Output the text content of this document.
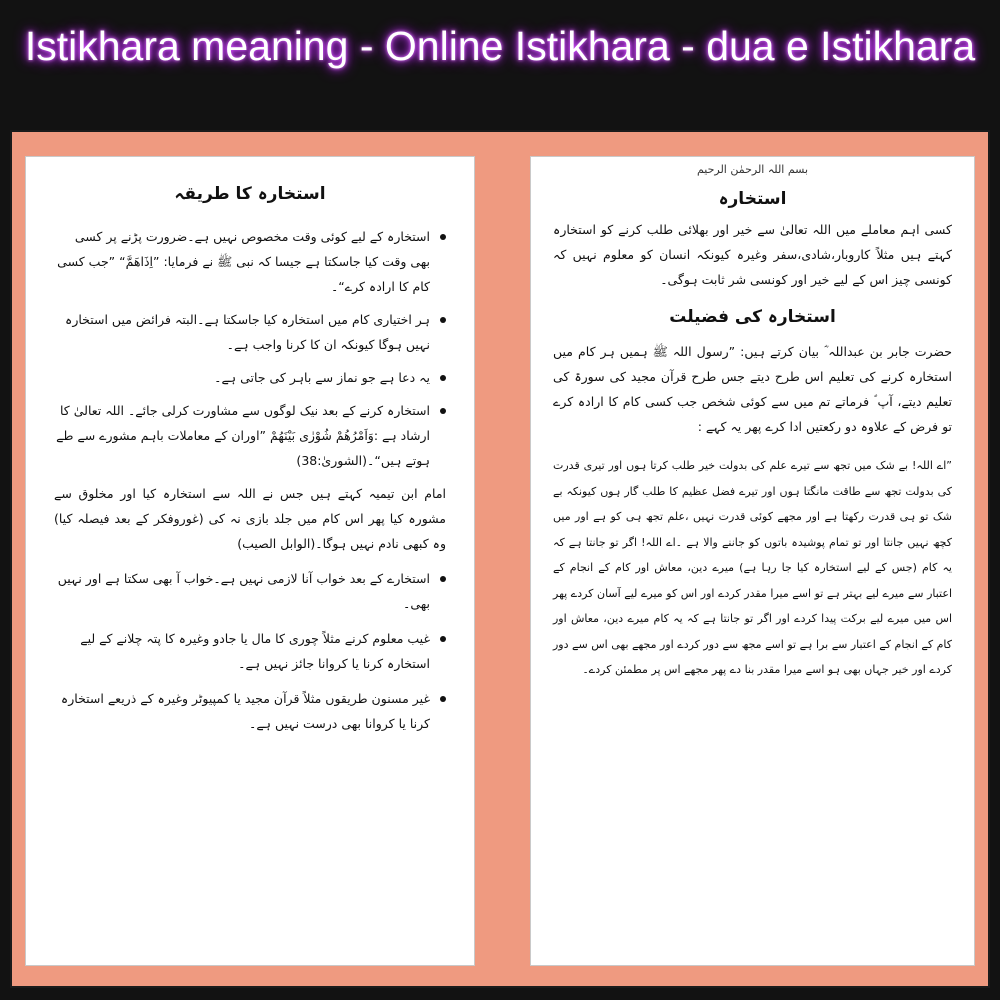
Istikhara meaning - Online Istikhara - dua e Istikhara

استخارہ کا طریقہ

استخارہ کے لیے کوئی وقت مخصوص نہیں ہے۔ضرورت پڑنے پر کسی بھی وقت کیا جاسکتا ہے جیسا کہ نبی ﷺ نے فرمایا: ”اِذَاھَمَّ“ ”جب کسی کام کا ارادہ کرے“۔
ہر اختیاری کام میں استخارہ کیا جاسکتا ہے۔البتہ فرائض میں استخارہ نہیں ہوگا کیونکہ ان کا کرنا واجب ہے۔
یہ دعا ہے جو نماز سے باہر کی جاتی ہے۔
استخارہ کرنے کے بعد نیک لوگوں سے مشاورت کرلی جائے۔ اللہ تعالیٰ کا ارشاد ہے :وَاَمْرُھُمْ شُوْرٰی بَیْنَھُمْ ”اوران کے معاملات باہم مشورے سے طے ہوتے ہیں“۔(الشوریٰ:38)

امام ابن تیمیہ کہتے ہیں جس نے اللہ سے استخارہ کیا اور مخلوق سے مشورہ کیا پھر اس کام میں جلد بازی نہ کی (غوروفکر کے بعد فیصلہ کیا) وہ کبھی نادم نہیں ہوگا۔(الوابل الصیب)

استخارے کے بعد خواب آنا لازمی نہیں ہے۔خواب آ بھی سکتا ہے اور نہیں بھی۔
غیب معلوم کرنے مثلاً چوری کا مال یا جادو وغیرہ کا پتہ چلانے کے لیے استخارہ کرنا یا کروانا جائز نہیں ہے۔
غیر مسنون طریقوں مثلاً قرآن مجید یا کمپیوٹر وغیرہ کے ذریعے استخارہ کرنا یا کروانا بھی درست نہیں ہے۔

بسم اللہ الرحمٰن الرحیم

استخارہ

کسی اہم معاملے میں اللہ تعالیٰ سے خیر اور بھلائی طلب کرنے کو استخارہ کہتے ہیں مثلاً کاروبار،شادی،سفر وغیرہ کیونکہ انسان کو معلوم نہیں کہ کونسی چیز اس کے لیے خیر اور کونسی شر ثابت ہوگی۔

استخارہ کی فضیلت

حضرت جابر بن عبداللہ ؓ بیان کرتے ہیں: ”رسول اللہ ﷺ ہمیں ہر کام میں استخارہ کرنے کی تعلیم اس طرح دیتے جس طرح قرآن مجید کی سورۃ کی تعلیم دیتے، آپ ؐ فرماتے تم میں سے کوئی شخص جب کسی کام کا ارادہ کرے تو فرض کے علاوہ دو رکعتیں ادا کرے پھر یہ کہے :

”اے اللہ! بے شک میں تجھ سے تیرے علم کی بدولت خیر طلب کرتا ہوں اور تیری قدرت کی بدولت تجھ سے طاقت مانگتا ہوں اور تیرے فضل عظیم کا طلب گار ہوں کیونکہ بے شک تو ہی قدرت رکھتا ہے اور مجھے کوئی قدرت نہیں ،علم تجھ ہی کو ہے اور میں کچھ نہیں جانتا اور تو تمام پوشیدہ باتوں کو جاننے والا ہے ۔اے اللہ! اگر تو جانتا ہے کہ یہ کام (جس کے لیے استخارہ کیا جا رہا ہے) میرے دین، معاش اور کام کے انجام کے اعتبار سے میرے لیے بہتر ہے تو اسے میرا مقدر کردے اور اس کو میرے لیے آسان کردے پھر اس میں میرے لیے برکت پیدا کردے اور اگر تو جانتا ہے کہ یہ کام میرے دین، معاش اور کام کے انجام کے اعتبار سے برا ہے تو اسے مجھ سے دور کردے اور مجھے بھی اس سے دور کردے اور خیر جہاں بھی ہو اسے میرا مقدر بنا دے پھر مجھے اس پر مطمئن کردے۔
